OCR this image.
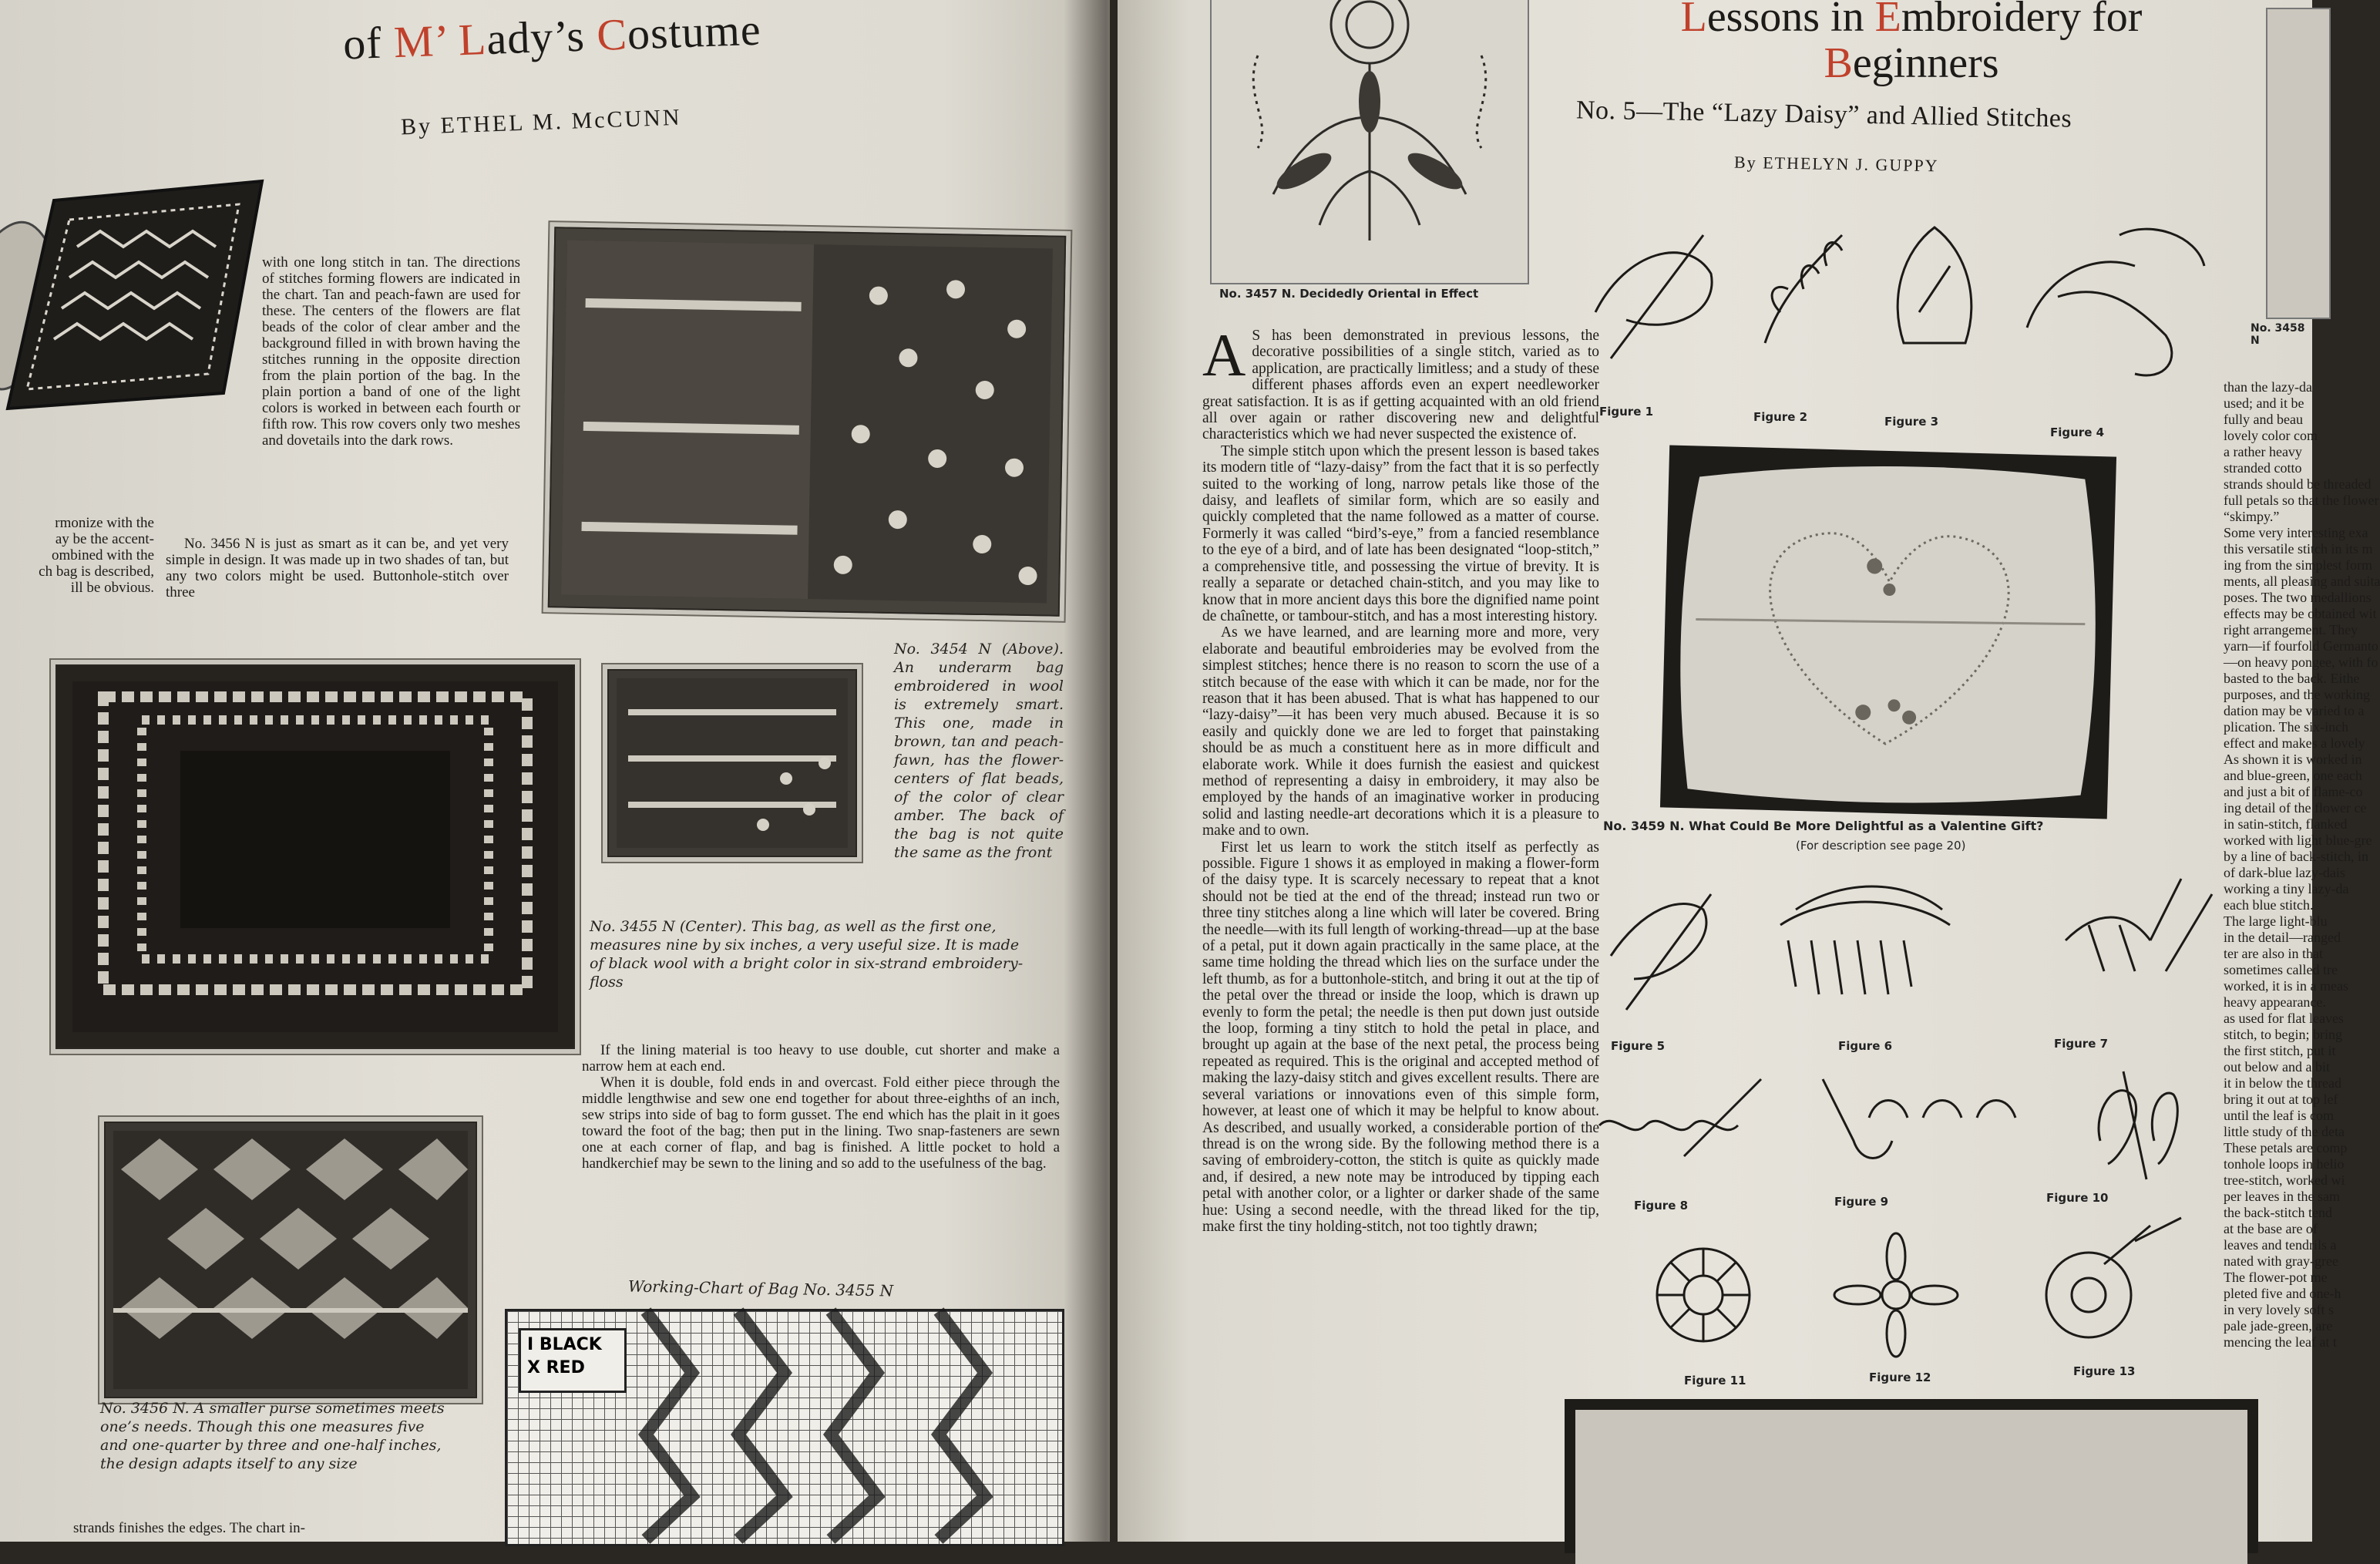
of M’ Lady’s Costume
By ETHEL M. McCUNN

with one long stitch in tan. The directions of stitches forming flowers are indicated in the chart. Tan and peach-fawn are used for these. The centers of the flowers are flat beads of the color of clear amber and the background filled in with brown having the stitches running in the opposite direction from the plain portion of the bag. In the plain portion a band of one of the light colors is worked in between each fourth or fifth row. This row covers only two meshes and dovetails into the dark rows.

No. 3456 N is just as smart as it can be, and yet very simple in design. It was made up in two shades of tan, but any two colors might be used. Buttonhole-stitch over three

rmonize with the
ay be the accent-
ombined with the
ch bag is described,
ill be obvious.
No. 3454 N (Above). An underarm bag embroidered in wool is extremely smart. This one, made in brown, tan and peach-fawn, has the flower-centers of flat beads, of the color of clear amber. The back of the bag is not quite the same as the front
No. 3455 N (Center). This bag, as well as the first one, measures nine by six inches, a very useful size. It is made of black wool with a bright color in six-strand embroidery-floss

If the lining material is too heavy to use double, cut shorter and make a narrow hem at each end.

When it is double, fold ends in and overcast. Fold either piece through the middle lengthwise and sew one end together for about three-eighths of an inch, sew strips into side of bag to form gusset. The end which has the plait in it goes toward the foot of the bag; then put in the lining. Two snap-fasteners are sewn one at each corner of flap, and bag is finished. A little pocket to hold a handkerchief may be sewn to the lining and so add to the usefulness of the bag.

Working-Chart of Bag No. 3455 N
I BLACK
X RED
No. 3456 N. A smaller purse sometimes meets one’s needs. Though this one measures five and one-quarter by three and one-half inches, the design adapts itself to any size
strands finishes the edges. The chart in-
No. 3457 N. Decidedly Oriental in Effect
Lessons in Embroidery for
Beginners
No. 5—The “Lazy Daisy” and Allied Stitches
By ETHELYN J. GUPPY
Figure 1	Figure 2	Figure 3
Figure 4

A S has been demonstrated in previous lessons, the decorative possibilities of a single stitch, varied as to application, are practically limitless; and a study of these different phases affords even an expert needleworker great satisfaction. It is as if getting acquainted with an old friend all over again or rather discovering new and delightful characteristics which we had never suspected the existence of.

The simple stitch upon which the present lesson is based takes its modern title of “lazy-daisy” from the fact that it is so perfectly suited to the working of long, narrow petals like those of the daisy, and leaflets of similar form, which are so easily and quickly completed that the name followed as a matter of course. Formerly it was called “bird’s-eye,” from a fancied resemblance to the eye of a bird, and of late has been designated “loop-stitch,” a comprehensive title, and possessing the virtue of brevity. It is really a separate or detached chain-stitch, and you may like to know that in more ancient days this bore the dignified name point de chaînette, or tambour-stitch, and has a most interesting history.

As we have learned, and are learning more and more, very elaborate and beautiful embroideries may be evolved from the simplest stitches; hence there is no reason to scorn the use of a stitch because of the ease with which it can be made, nor for the reason that it has been abused. That is what has happened to our “lazy-daisy”—it has been very much abused. Because it is so easily and quickly done we are led to forget that painstaking should be as much a constituent here as in more difficult and elaborate work. While it does furnish the easiest and quickest method of representing a daisy in embroidery, it may also be employed by the hands of an imaginative worker in producing solid and lasting needle-art decorations which it is a pleasure to make and to own.

First let us learn to work the stitch itself as perfectly as possible. Figure 1 shows it as employed in making a flower-form of the daisy type. It is scarcely necessary to repeat that a knot should not be tied at the end of the thread; instead run two or three tiny stitches along a line which will later be covered. Bring the needle—with its full length of working-thread—up at the base of a petal, put it down again practically in the same place, at the same time holding the thread which lies on the surface under the left thumb, as for a buttonhole-stitch, and bring it out at the tip of the petal over the thread or inside the loop, which is drawn up evenly to form the petal; the needle is then put down just outside the loop, forming a tiny stitch to hold the petal in place, and brought up again at the base of the next petal, the process being repeated as required. This is the original and accepted method of making the lazy-daisy stitch and gives excellent results. There are several variations or innovations even of this simple form, however, at least one of which it may be helpful to know about. As described, and usually worked, a considerable portion of the thread is on the wrong side. By the following method there is a saving of embroidery-cotton, the stitch is quite as quickly made and, if desired, a new note may be introduced by tipping each petal with another color, or a lighter or darker shade of the same hue: Using a second needle, with the thread liked for the tip, make first the tiny holding-stitch, not too tightly drawn;

No. 3459 N. What Could Be More Delightful as a Valentine Gift?
(For description see page 20)
Figure 5	Figure 6	Figure 7
Figure 8	Figure 9	Figure 10
Figure 11	Figure 12	Figure 13
No. 3458 N
than the lazy-da
used; and it be
fully and beau
lovely color com
a rather heavy
stranded cotto
strands should be threaded
full petals so that the flower
“skimpy.”
Some very interesting exa
this versatile stitch in its m
ing from the simplest form
ments, all pleasing and suita
poses. The two medallions
effects may be obtained wit
right arrangement. They
yarn—if fourfold Germanto
—on heavy pongee, with fo
basted to the back. Eithe
purposes, and the working
dation may be varied to a
plication. The six-inch
effect and makes a lovely
As shown it is worked in
and blue-green, one each
and just a bit of flame-co
ing detail of the flower ce
in satin-stitch, flanked
worked with light blue-gre
by a line of back-stitch, in
of dark-blue lazy-dais
working a tiny lazy-da
each blue stitch.
The large light-blu
in the detail—ranged
ter are also in that
sometimes called tre
worked, it is in a meas
heavy appearance.
as used for flat leaves
stitch, to begin; bring
the first stitch, put it
out below and a bit
it in below the thread
bring it out at top lef
until the leaf is com
little study of the deta
These petals are comp
tonhole loops in helio
tree-stitch, worked wi
per leaves in the sam
the back-stitch tend
at the base are of
leaves and tendrils a
nated with gray-gree
The flower-pot me
pleted five and one-h
in very lovely soft s
pale jade-green, are
mencing the leaf at t
